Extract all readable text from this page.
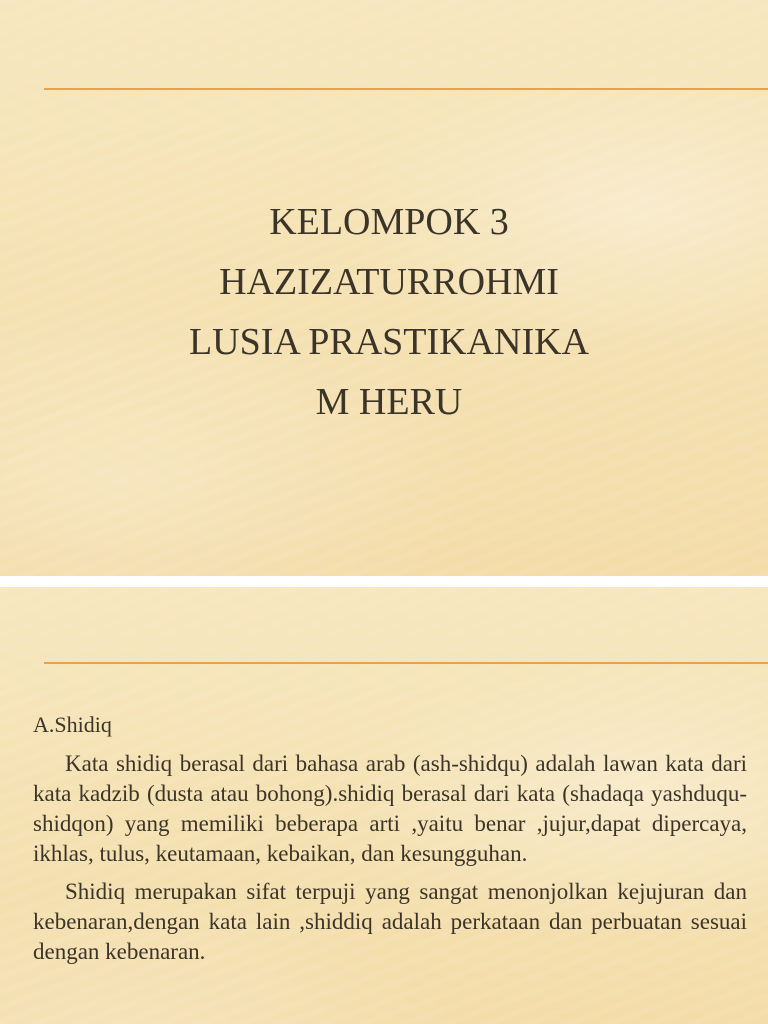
KELOMPOK 3
HAZIZATURROHMI
LUSIA PRASTIKANIKA
M HERU
A.Shidiq

Kata shidiq berasal dari bahasa arab (ash-shidqu) adalah lawan kata dari kata kadzib (dusta atau bohong).shidiq berasal dari kata (shadaqa yashduqu-shidqon) yang memiliki beberapa arti ,yaitu benar ,jujur,dapat dipercaya, ikhlas, tulus, keutamaan, kebaikan, dan kesungguhan.

Shidiq merupakan sifat terpuji yang sangat menonjolkan kejujuran dan kebenaran,dengan kata lain ,shiddiq adalah perkataan dan perbuatan sesuai dengan kebenaran.
